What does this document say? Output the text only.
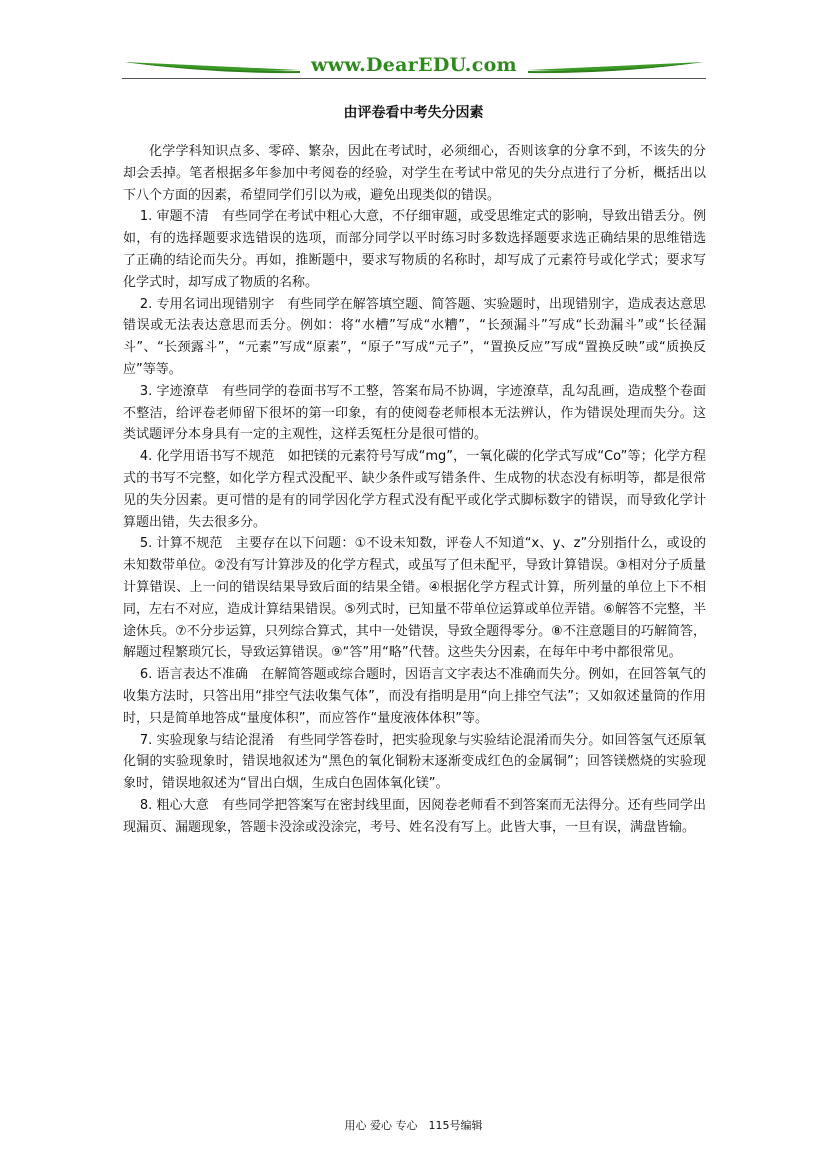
www.DearEDU.com
由评卷看中考失分因素

化学学科知识点多、零碎、繁杂，因此在考试时，必须细心，否则该拿的分拿不到，不该失的分却会丢掉。笔者根据多年参加中考阅卷的经验，对学生在考试中常见的失分点进行了分析，概括出以下八个方面的因素，希望同学们引以为戒，避免出现类似的错误。

1. 审题不清　有些同学在考试中粗心大意，不仔细审题，或受思维定式的影响，导致出错丢分。例如，有的选择题要求选错误的选项，而部分同学以平时练习时多数选择题要求选正确结果的思维错选了正确的结论而失分。再如，推断题中，要求写物质的名称时，却写成了元素符号或化学式；要求写化学式时，却写成了物质的名称。

2. 专用名词出现错别字　有些同学在解答填空题、简答题、实验题时，出现错别字，造成表达意思错误或无法表达意思而丢分。例如：将“水槽”写成“水糟”，“长颈漏斗”写成“长劲漏斗”或“长径漏斗”、“长颈露斗”，“元素”写成“原素”，“原子”写成“元子”，“置换反应”写成“置换反映”或“质换反应”等等。

3. 字迹潦草　有些同学的卷面书写不工整，答案布局不协调，字迹潦草，乱勾乱画，造成整个卷面不整洁，给评卷老师留下很坏的第一印象，有的使阅卷老师根本无法辨认，作为错误处理而失分。这类试题评分本身具有一定的主观性，这样丢冤枉分是很可惜的。

4. 化学用语书写不规范　如把镁的元素符号写成“mg”，一氧化碳的化学式写成“Co”等；化学方程式的书写不完整，如化学方程式没配平、缺少条件或写错条件、生成物的状态没有标明等，都是很常见的失分因素。更可惜的是有的同学因化学方程式没有配平或化学式脚标数字的错误，而导致化学计算题出错，失去很多分。

5. 计算不规范　主要存在以下问题：①不设未知数，评卷人不知道“x、y、z”分别指什么，或设的未知数带单位。②没有写计算涉及的化学方程式，或虽写了但未配平，导致计算错误。③相对分子质量计算错误、上一问的错误结果导致后面的结果全错。④根据化学方程式计算，所列量的单位上下不相同，左右不对应，造成计算结果错误。⑤列式时，已知量不带单位运算或单位弄错。⑥解答不完整，半途休兵。⑦不分步运算，只列综合算式，其中一处错误，导致全题得零分。⑧不注意题目的巧解简答，解题过程繁琐冗长，导致运算错误。⑨“答”用“略”代替。这些失分因素，在每年中考中都很常见。

6. 语言表达不准确　在解简答题或综合题时，因语言文字表达不准确而失分。例如，在回答氧气的收集方法时，只答出用“排空气法收集气体”，而没有指明是用“向上排空气法”；又如叙述量筒的作用时，只是简单地答成“量度体积”，而应答作“量度液体体积”等。

7. 实验现象与结论混淆　有些同学答卷时，把实验现象与实验结论混淆而失分。如回答氢气还原氧化铜的实验现象时，错误地叙述为“黑色的氧化铜粉末逐渐变成红色的金属铜”；回答镁燃烧的实验现象时，错误地叙述为“冒出白烟，生成白色固体氧化镁”。

8. 粗心大意　有些同学把答案写在密封线里面，因阅卷老师看不到答案而无法得分。还有些同学出现漏页、漏题现象，答题卡没涂或没涂完，考号、姓名没有写上。此皆大事，一旦有误，满盘皆输。

用心 爱心 专心　115号编辑
